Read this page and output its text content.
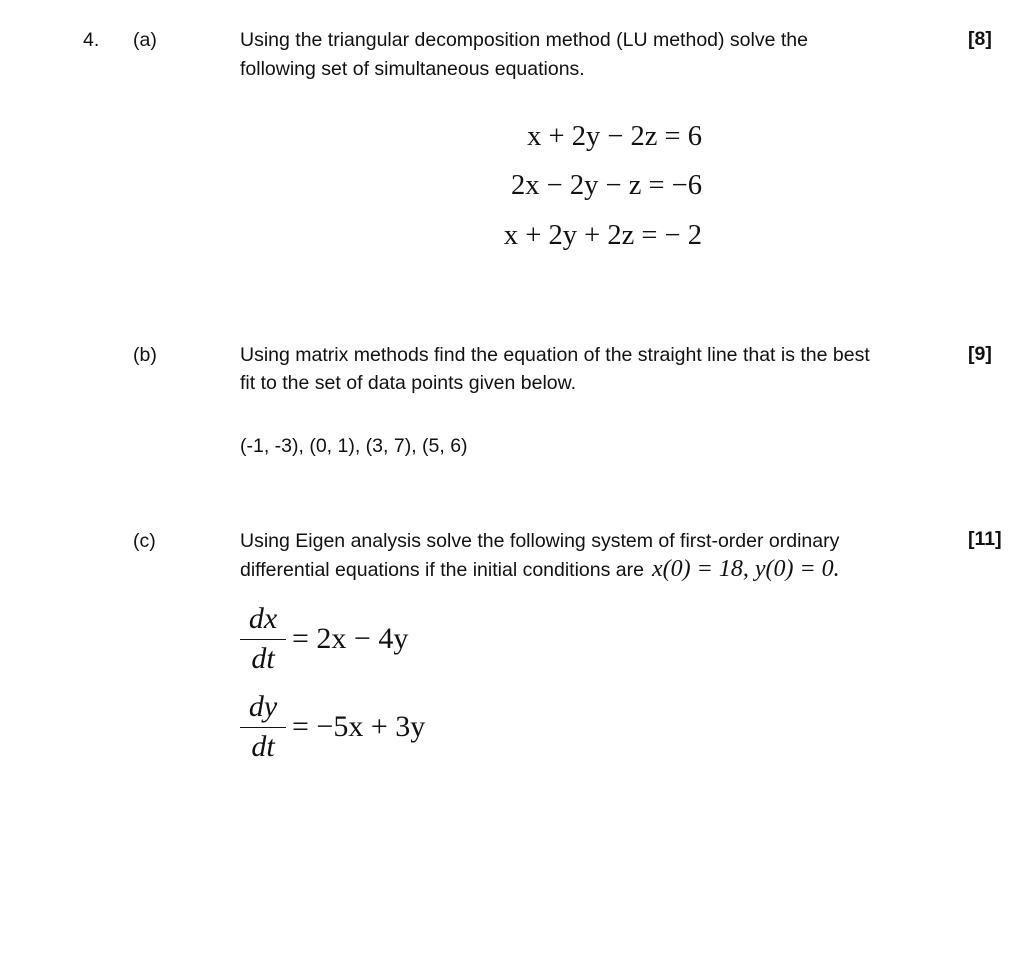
4. (a)	Using the triangular decomposition method (LU method) solve the
following set of simultaneous equations.
[8]
x + 2y − 2z = 6
2x − 2y − z = −6
x + 2y + 2z = − 2
(b)	Using matrix methods find the equation of the straight line that is the best
fit to the set of data points given below.
[9]
(-1, -3), (0, 1), (3, 7), (5, 6)
(c)	Using Eigen analysis solve the following system of first-order ordinary
differential equations if the initial conditions are x(0) = 18, y(0) = 0.
[11]
$\frac{dx}{dt} = 2x - 4y$
$\frac{dy}{dt} = -5x + 3y$
